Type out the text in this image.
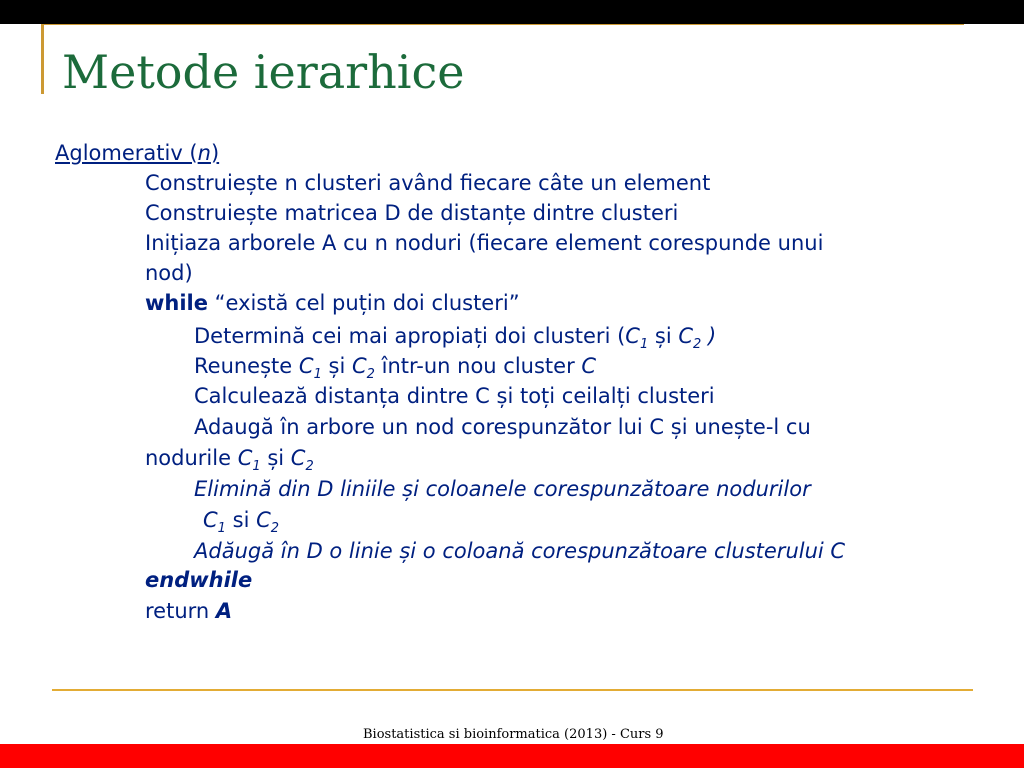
Metode ierarhice
Aglomerativ (n)
Construiește n clusteri având fiecare câte un element
Construiește matricea D de distanțe dintre clusteri
Inițiaza arborele A cu n noduri (fiecare element corespunde unui
nod)
while “există cel puțin doi clusteri”
Determină cei mai apropiați doi clusteri ($C_1$ și $C_2$ )
Reunește $C_1$ și $C_2$ într-un nou cluster C
Calculează distanța dintre C și toți ceilalți clusteri
Adaugă în arbore un nod corespunzător lui C și unește-l cu
nodurile $C_1$ și $C_2$
Elimină din D liniile și coloanele corespunzătoare nodurilor
$C_1$ si $C_2$
Adăugă în D o linie și o coloană corespunzătoare clusterului C
endwhile
return A

Biostatistica si bioinformatica (2013) - Curs 9
